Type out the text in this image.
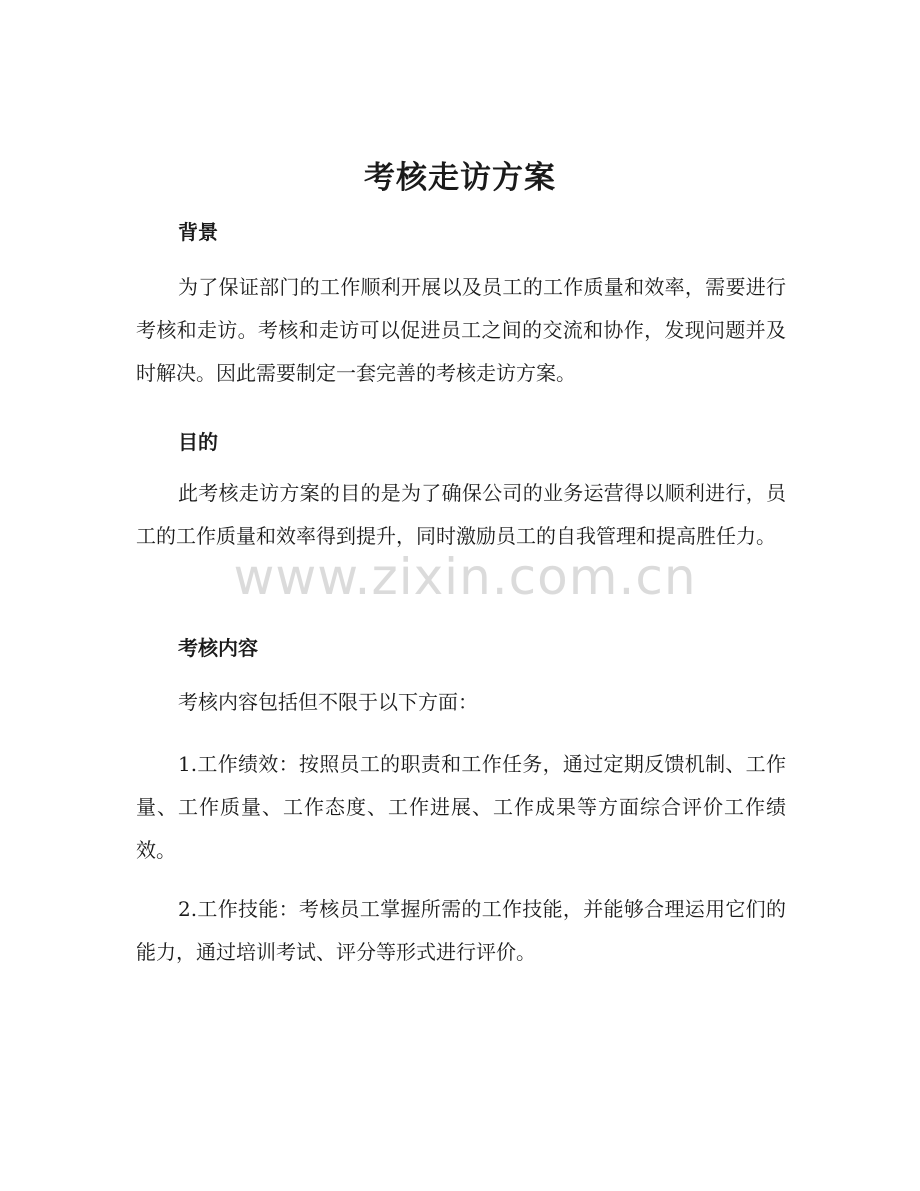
考核走访方案
背景

为了保证部门的工作顺利开展以及员工的工作质量和效率，需要进行考核和走访。考核和走访可以促进员工之间的交流和协作，发现问题并及时解决。因此需要制定一套完善的考核走访方案。

目的

此考核走访方案的目的是为了确保公司的业务运营得以顺利进行，员工的工作质量和效率得到提升，同时激励员工的自我管理和提高胜任力。

考核内容

考核内容包括但不限于以下方面：

1.工作绩效：按照员工的职责和工作任务，通过定期反馈机制、工作量、工作质量、工作态度、工作进展、工作成果等方面综合评价工作绩效。

2.工作技能：考核员工掌握所需的工作技能，并能够合理运用它们的能力，通过培训考试、评分等形式进行评价。

www.zixin.com.cn
